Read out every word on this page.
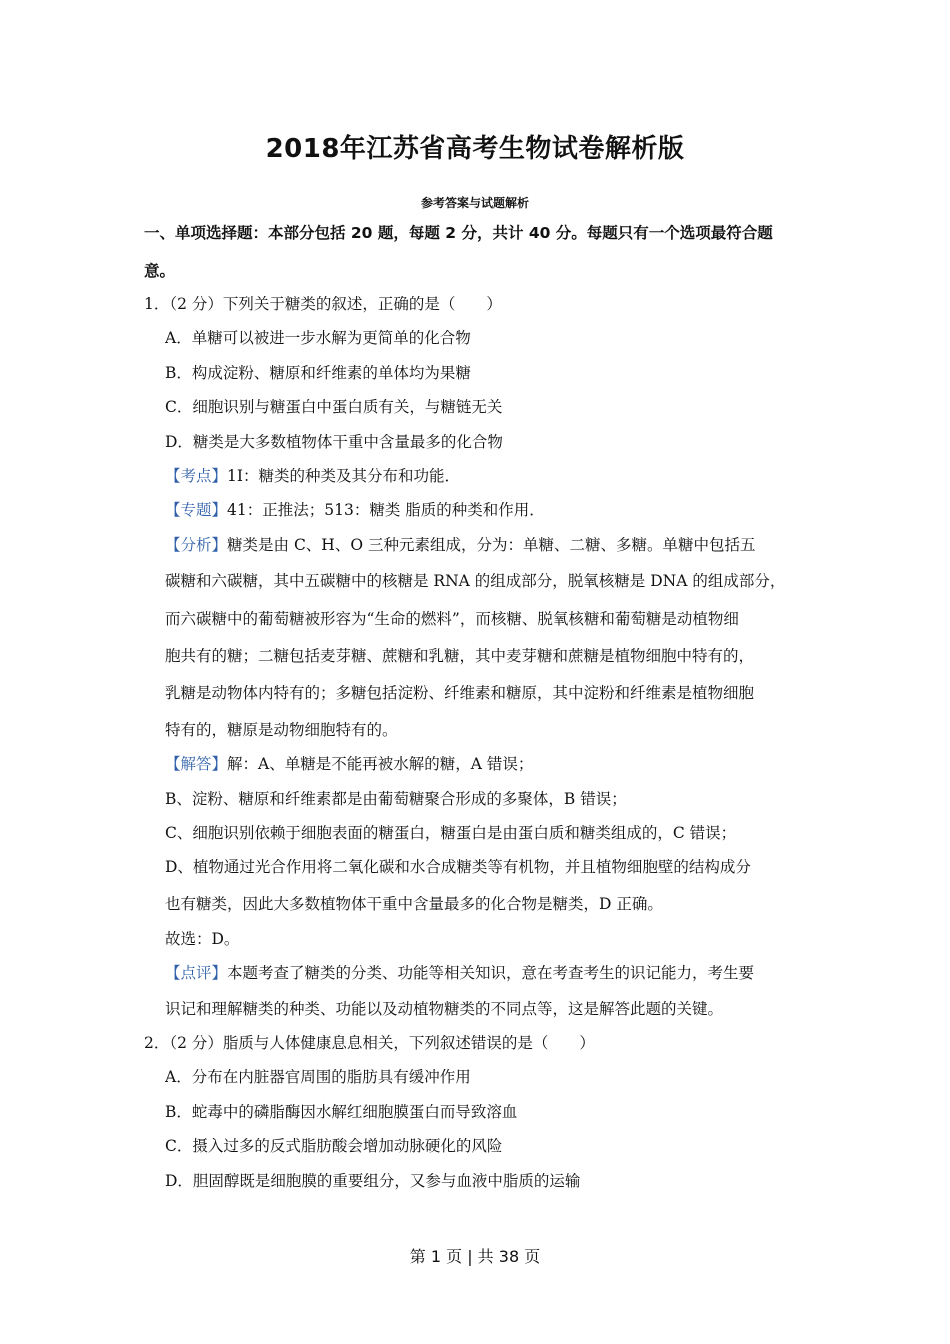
2018年江苏省高考生物试卷解析版
参考答案与试题解析
一、单项选择题：本部分包括 20 题，每题 2 分，共计 40 分。每题只有一个选项最符合题
意。
1．（2 分）下列关于糖类的叙述，正确的是（　　）
A．单糖可以被进一步水解为更简单的化合物
B．构成淀粉、糖原和纤维素的单体均为果糖
C．细胞识别与糖蛋白中蛋白质有关，与糖链无关
D．糖类是大多数植物体干重中含量最多的化合物
【考点】1I：糖类的种类及其分布和功能．
【专题】41：正推法；513：糖类 脂质的种类和作用．
【分析】糖类是由 C、H、O 三种元素组成，分为：单糖、二糖、多糖。单糖中包括五
碳糖和六碳糖，其中五碳糖中的核糖是 RNA 的组成部分，脱氧核糖是 DNA 的组成部分，
而六碳糖中的葡萄糖被形容为“生命的燃料”，而核糖、脱氧核糖和葡萄糖是动植物细
胞共有的糖；二糖包括麦芽糖、蔗糖和乳糖，其中麦芽糖和蔗糖是植物细胞中特有的，
乳糖是动物体内特有的；多糖包括淀粉、纤维素和糖原，其中淀粉和纤维素是植物细胞
特有的，糖原是动物细胞特有的。
【解答】解：A、单糖是不能再被水解的糖，A 错误；
B、淀粉、糖原和纤维素都是由葡萄糖聚合形成的多聚体，B 错误；
C、细胞识别依赖于细胞表面的糖蛋白，糖蛋白是由蛋白质和糖类组成的，C 错误；
D、植物通过光合作用将二氧化碳和水合成糖类等有机物，并且植物细胞壁的结构成分
也有糖类，因此大多数植物体干重中含量最多的化合物是糖类，D 正确。
故选：D。
【点评】本题考查了糖类的分类、功能等相关知识，意在考查考生的识记能力，考生要
识记和理解糖类的种类、功能以及动植物糖类的不同点等，这是解答此题的关键。
2．（2 分）脂质与人体健康息息相关，下列叙述错误的是（　　）
A．分布在内脏器官周围的脂肪具有缓冲作用
B．蛇毒中的磷脂酶因水解红细胞膜蛋白而导致溶血
C．摄入过多的反式脂肪酸会增加动脉硬化的风险
D．胆固醇既是细胞膜的重要组分，又参与血液中脂质的运输
第 1 页 | 共 38 页
